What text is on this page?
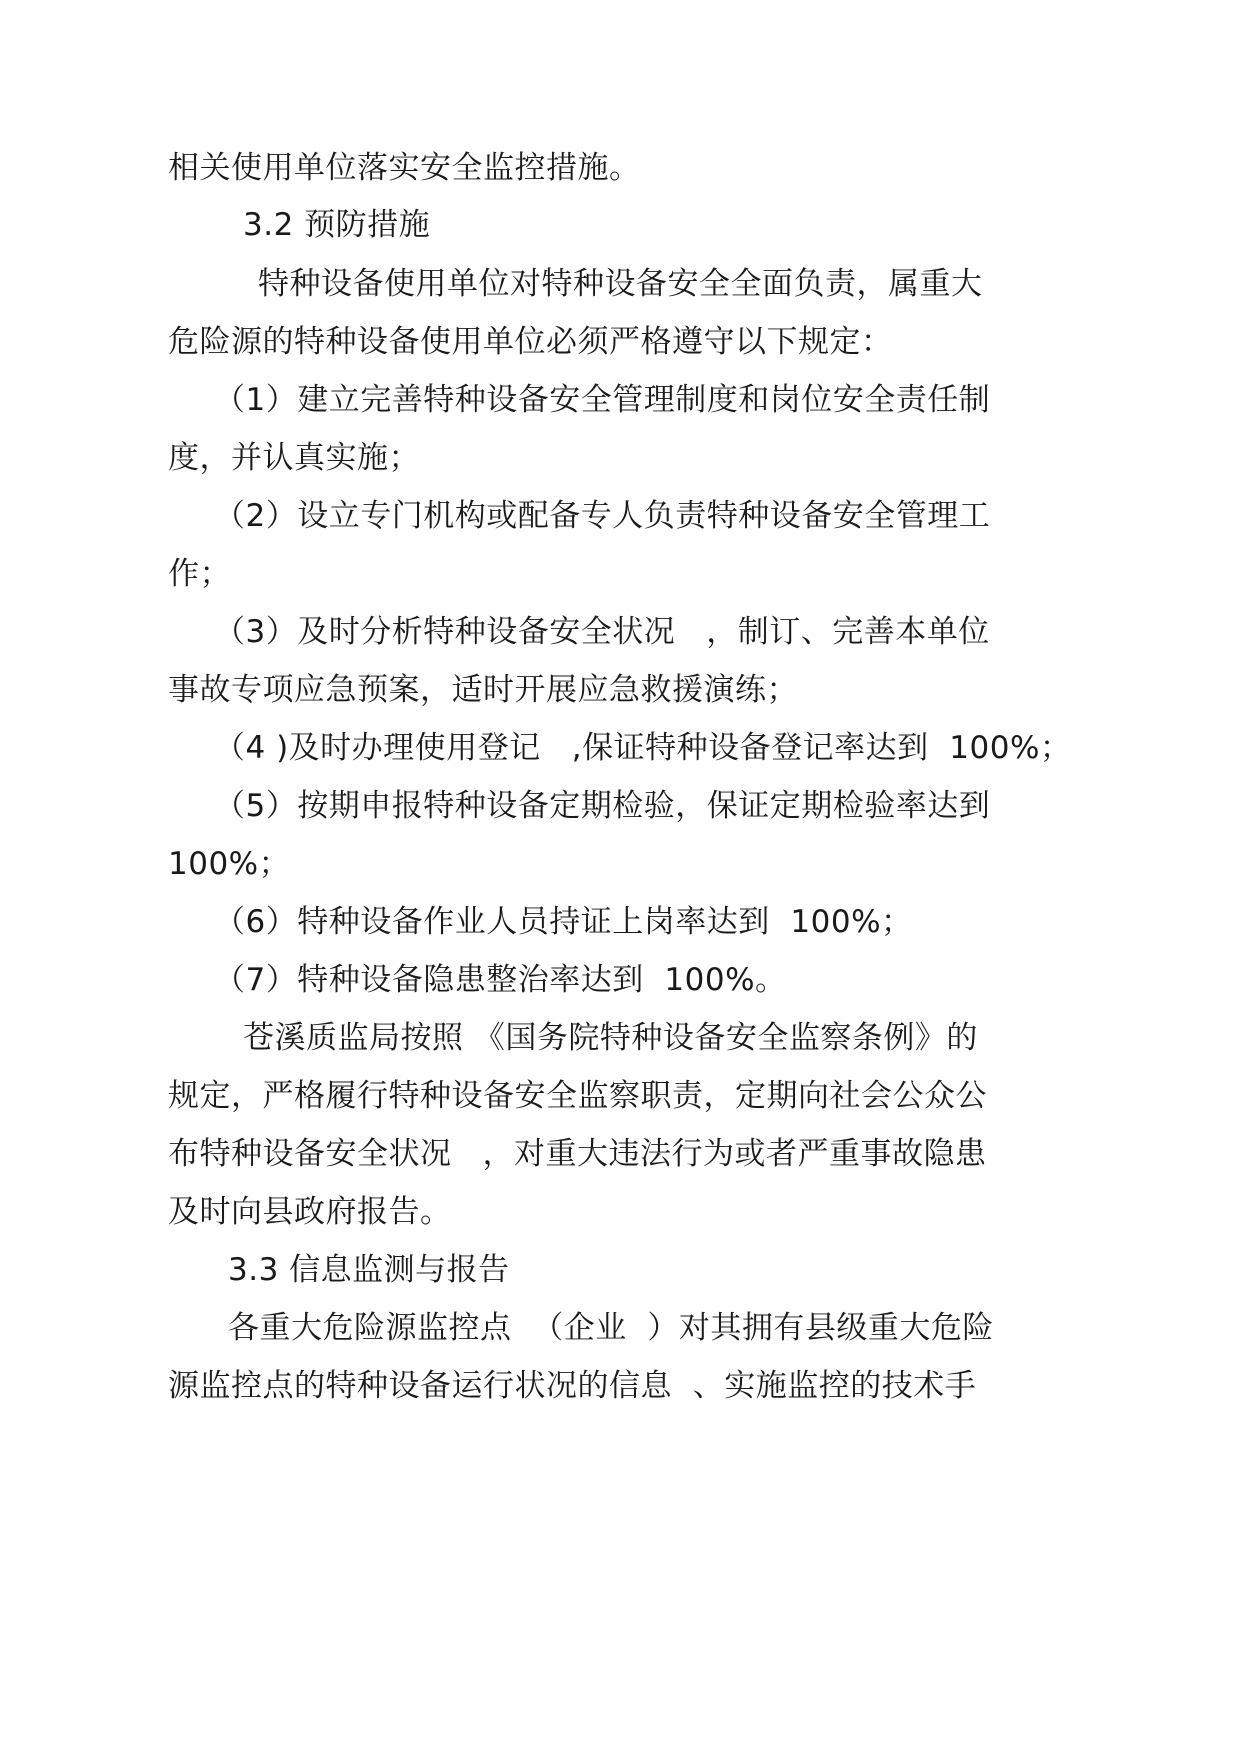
相关使用单位落实安全监控措施。
3.2 预防措施
特种设备使用单位对特种设备安全全面负责，属重大
危险源的特种设备使用单位必须严格遵守以下规定：
（1）建立完善特种设备安全管理制度和岗位安全责任制
度，并认真实施；
（2）设立专门机构或配备专人负责特种设备安全管理工
作；
（3）及时分析特种设备安全状况   ，制订、完善本单位
事故专项应急预案，适时开展应急救援演练；
（4 )及时办理使用登记   ,保证特种设备登记率达到  100%；
（5）按期申报特种设备定期检验，保证定期检验率达到
100%；
（6）特种设备作业人员持证上岗率达到  100%；
（7）特种设备隐患整治率达到  100%。
苍溪质监局按照 《国务院特种设备安全监察条例》的
规定，严格履行特种设备安全监察职责，定期向社会公众公
布特种设备安全状况   ，对重大违法行为或者严重事故隐患
及时向县政府报告。
3.3 信息监测与报告
各重大危险源监控点  （企业  ）对其拥有县级重大危险
源监控点的特种设备运行状况的信息  、实施监控的技术手
